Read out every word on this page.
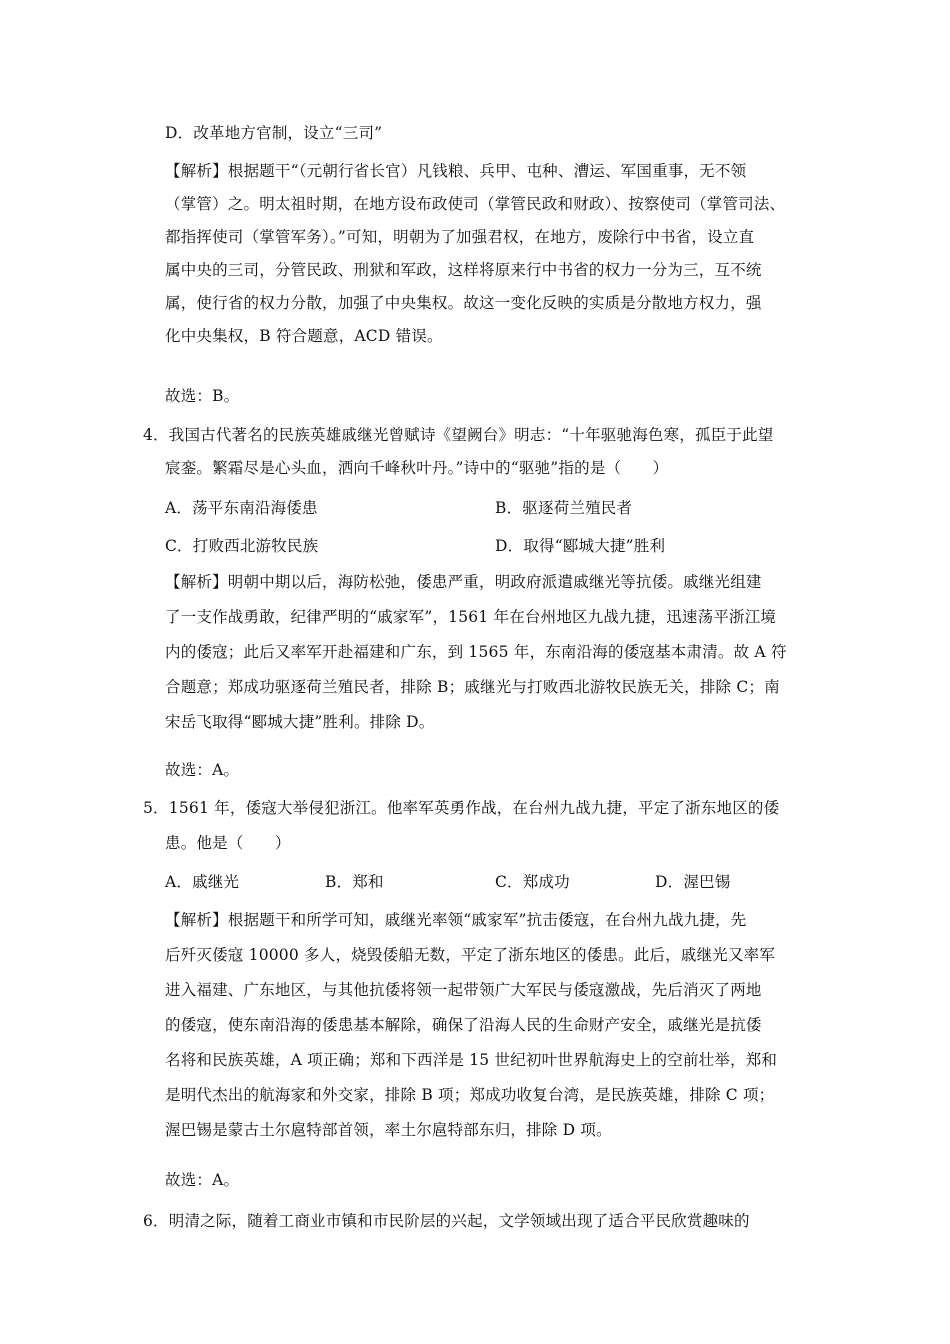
D．改革地方官制，设立“三司”
【解析】根据题干“（元朝行省长官）凡钱粮、兵甲、屯种、漕运、军国重事，无不领
（掌管）之。明太祖时期，在地方设布政使司（掌管民政和财政）、按察使司（掌管司法、
都指挥使司（掌管军务）。”可知，明朝为了加强君权，在地方，废除行中书省，设立直
属中央的三司，分管民政、刑狱和军政，这样将原来行中书省的权力一分为三，互不统
属，使行省的权力分散，加强了中央集权。故这一变化反映的实质是分散地方权力，强
化中央集权，B 符合题意，ACD 错误。
故选：B。
4．我国古代著名的民族英雄戚继光曾赋诗《望阙台》明志：“十年驱驰海色寒，孤臣于此望
宸銮。繁霜尽是心头血，洒向千峰秋叶丹。”诗中的“驱驰”指的是（　　）
A．荡平东南沿海倭患	B．驱逐荷兰殖民者
C．打败西北游牧民族	D．取得“郾城大捷”胜利
【解析】明朝中期以后，海防松弛，倭患严重，明政府派遣戚继光等抗倭。戚继光组建
了一支作战勇敢，纪律严明的“戚家军”，1561 年在台州地区九战九捷，迅速荡平浙江境
内的倭寇；此后又率军开赴福建和广东，到 1565 年，东南沿海的倭寇基本肃清。故 A 符
合题意；郑成功驱逐荷兰殖民者，排除 B；戚继光与打败西北游牧民族无关，排除 C；南
宋岳飞取得“郾城大捷”胜利。排除 D。
故选：A。
5．1561 年，倭寇大举侵犯浙江。他率军英勇作战，在台州九战九捷，平定了浙东地区的倭
患。他是（　　）
A．戚继光	B．郑和	C．郑成功	D．渥巴锡
【解析】根据题干和所学可知，戚继光率领“戚家军”抗击倭寇，在台州九战九捷，先
后歼灭倭寇 10000 多人，烧毁倭船无数，平定了浙东地区的倭患。此后，戚继光又率军
进入福建、广东地区，与其他抗倭将领一起带领广大军民与倭寇激战，先后消灭了两地
的倭寇，使东南沿海的倭患基本解除，确保了沿海人民的生命财产安全，戚继光是抗倭
名将和民族英雄，A 项正确；郑和下西洋是 15 世纪初叶世界航海史上的空前壮举，郑和
是明代杰出的航海家和外交家，排除 B 项；郑成功收复台湾，是民族英雄，排除 C 项；
渥巴锡是蒙古土尔扈特部首领，率土尔扈特部东归，排除 D 项。
故选：A。
6．明清之际，随着工商业市镇和市民阶层的兴起，文学领域出现了适合平民欣赏趣味的
